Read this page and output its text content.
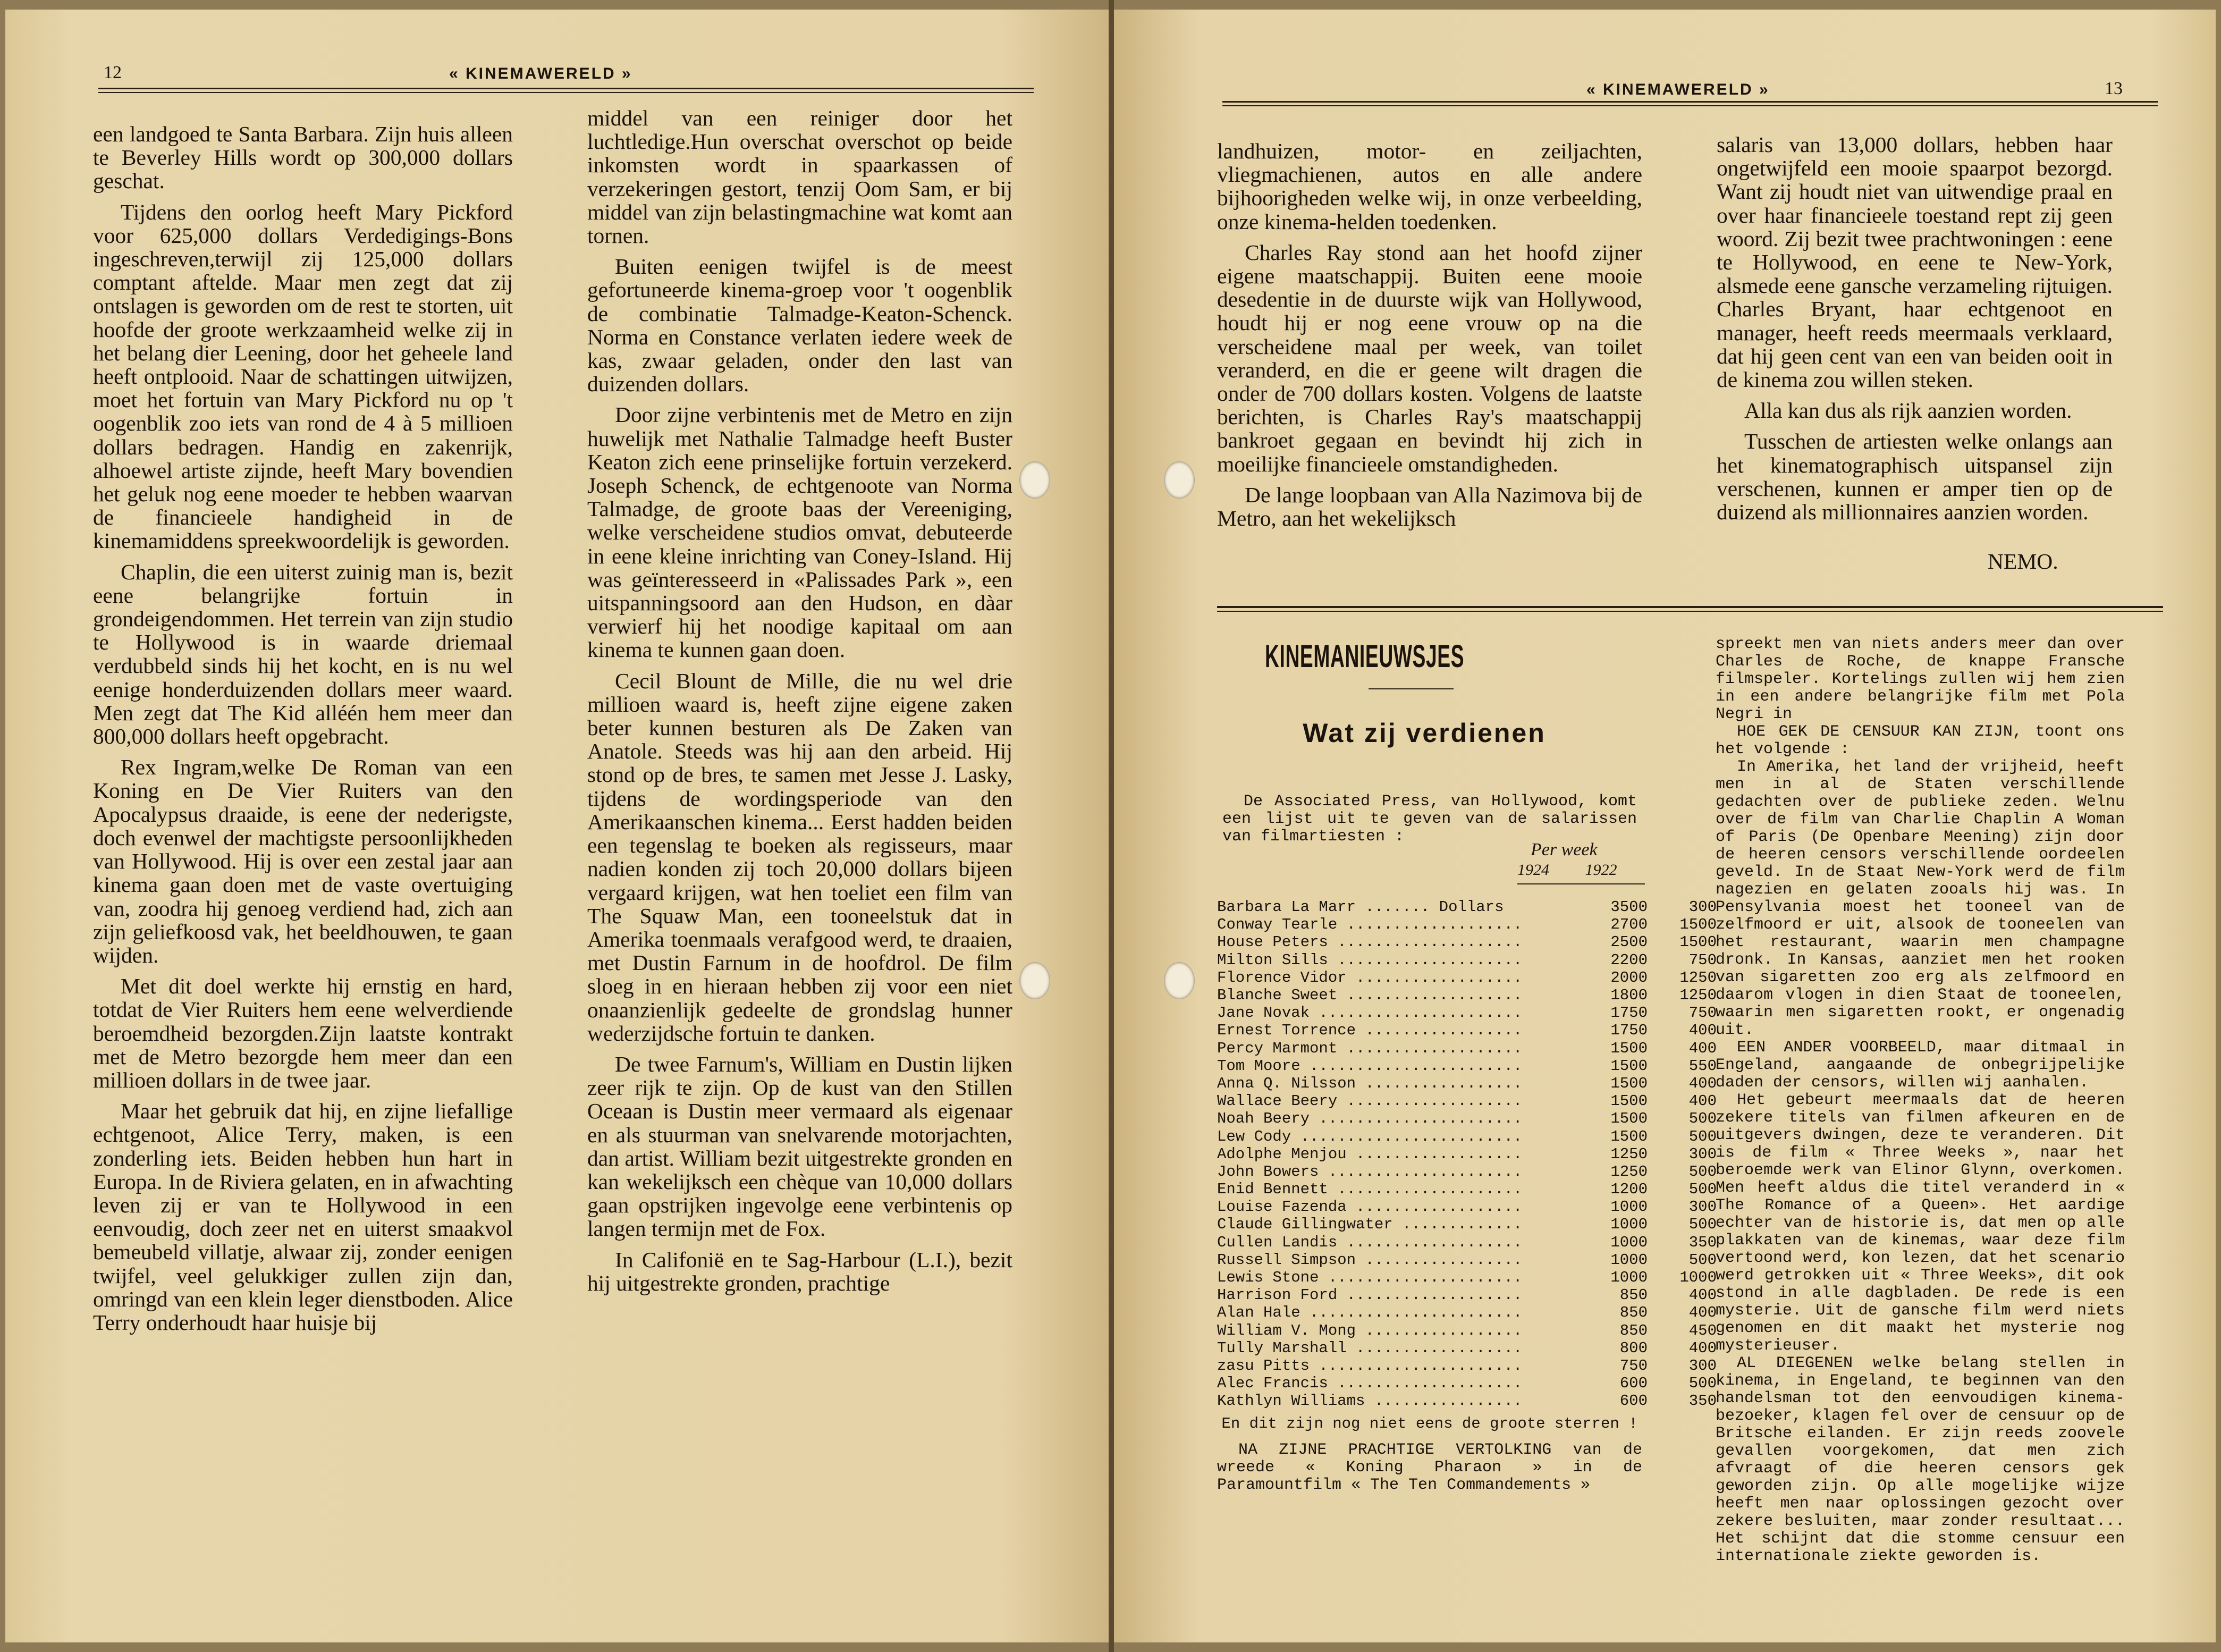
12	« KINEMAWERELD »

een landgoed te Santa Barbara. Zijn huis alleen te Beverley Hills wordt op 300,000 dollars geschat.

Tijdens den oorlog heeft Mary Pickford voor 625,000 dollars Verdedigings-Bons ingeschreven,terwijl zij 125,000 dollars comptant aftelde. Maar men zegt dat zij ontslagen is geworden om de rest te storten, uit hoofde der groote werkzaamheid welke zij in het belang dier Leening, door het geheele land heeft ontplooid. Naar de schattingen uitwijzen, moet het fortuin van Mary Pickford nu op 't oogenblik zoo iets van rond de 4 à 5 millioen dollars bedragen. Handig en zakenrijk, alhoewel artiste zijnde, heeft Mary bovendien het geluk nog eene moeder te hebben waarvan de financieele handigheid in de kinemamiddens spreekwoordelijk is geworden.

Chaplin, die een uiterst zuinig man is, bezit eene belangrijke fortuin in grondeigendommen. Het terrein van zijn studio te Hollywood is in waarde driemaal verdubbeld sinds hij het kocht, en is nu wel eenige honderduizenden dollars meer waard. Men zegt dat The Kid alléén hem meer dan 800,000 dollars heeft opgebracht.

Rex Ingram,welke De Roman van een Koning en De Vier Ruiters van den Apocalypsus draaide, is eene der nederigste, doch evenwel der machtigste persoonlijkheden van Hollywood. Hij is over een zestal jaar aan kinema gaan doen met de vaste overtuiging van, zoodra hij genoeg verdiend had, zich aan zijn geliefkoosd vak, het beeldhouwen, te gaan wijden.

Met dit doel werkte hij ernstig en hard, totdat de Vier Ruiters hem eene welverdiende beroemdheid bezorgden.Zijn laatste kontrakt met de Metro bezorgde hem meer dan een millioen dollars in de twee jaar.

Maar het gebruik dat hij, en zijne liefallige echtgenoot, Alice Terry, maken, is een zonderling iets. Beiden hebben hun hart in Europa. In de Riviera gelaten, en in afwachting leven zij er van te Hollywood in een eenvoudig, doch zeer net en uiterst smaakvol bemeubeld villatje, alwaar zij, zonder eenigen twijfel, veel gelukkiger zullen zijn dan, omringd van een klein leger dienstboden. Alice Terry onderhoudt haar huisje bij

middel van een reiniger door het luchtledige.Hun overschat overschot op beide inkomsten wordt in spaarkassen of verzekeringen gestort, tenzij Oom Sam, er bij middel van zijn belastingmachine wat komt aan tornen.

Buiten eenigen twijfel is de meest gefortuneerde kinema-groep voor 't oogenblik de combinatie Talmadge-Keaton-Schenck. Norma en Constance verlaten iedere week de kas, zwaar geladen, onder den last van duizenden dollars.

Door zijne verbintenis met de Metro en zijn huwelijk met Nathalie Talmadge heeft Buster Keaton zich eene prinselijke fortuin verzekerd. Joseph Schenck, de echtgenoote van Norma Talmadge, de groote baas der Vereeniging, welke verscheidene studios omvat, debuteerde in eene kleine inrichting van Coney-Island. Hij was geïnteresseerd in «Palissades Park », een uitspanningsoord aan den Hudson, en dàar verwierf hij het noodige kapitaal om aan kinema te kunnen gaan doen.

Cecil Blount de Mille, die nu wel drie millioen waard is, heeft zijne eigene zaken beter kunnen besturen als De Zaken van Anatole. Steeds was hij aan den arbeid. Hij stond op de bres, te samen met Jesse J. Lasky, tijdens de wordingsperiode van den Amerikaanschen kinema... Eerst hadden beiden een tegenslag te boeken als regisseurs, maar nadien konden zij toch 20,000 dollars bijeen vergaard krijgen, wat hen toeliet een film van The Squaw Man, een tooneelstuk dat in Amerika toenmaals verafgood werd, te draaien, met Dustin Farnum in de hoofdrol. De film sloeg in en hieraan hebben zij voor een niet onaanzienlijk gedeelte de grondslag hunner wederzijdsche fortuin te danken.

De twee Farnum's, William en Dustin lijken zeer rijk te zijn. Op de kust van den Stillen Oceaan is Dustin meer vermaard als eigenaar en als stuurman van snelvarende motorjachten, dan artist. William bezit uitgestrekte gronden en kan wekelijksch een chèque van 10,000 dollars gaan opstrijken ingevolge eene verbintenis op langen termijn met de Fox.

In Califonië en te Sag-Harbour (L.I.), bezit hij uitgestrekte gronden, prachtige

« KINEMAWERELD »	13

landhuizen, motor- en zeiljachten, vliegmachienen, autos en alle andere bijhoorigheden welke wij, in onze verbeelding, onze kinema-helden toedenken.

Charles Ray stond aan het hoofd zijner eigene maatschappij. Buiten eene mooie desedentie in de duurste wijk van Hollywood, houdt hij er nog eene vrouw op na die verscheidene maal per week, van toilet veranderd, en die er geene wilt dragen die onder de 700 dollars kosten. Volgens de laatste berichten, is Charles Ray's maatschappij bankroet gegaan en bevindt hij zich in moeilijke financieele omstandigheden.

De lange loopbaan van Alla Nazimova bij de Metro, aan het wekelijksch

salaris van 13,000 dollars, hebben haar ongetwijfeld een mooie spaarpot bezorgd. Want zij houdt niet van uitwendige praal en over haar financieele toestand rept zij geen woord. Zij bezit twee prachtwoningen : eene te Hollywood, en eene te New-York, alsmede eene gansche verzameling rijtuigen. Charles Bryant, haar echtgenoot en manager, heeft reeds meermaals verklaard, dat hij geen cent van een van beiden ooit in de kinema zou willen steken.

Alla kan dus als rijk aanzien worden.

Tusschen de artiesten welke onlangs aan het kinematographisch uitspansel zijn verschenen, kunnen er amper tien op de duizend als millionnaires aanzien worden.

NEMO.
KINEMANIEUWSJES
Wat zij verdienen

De Associated Press, van Hollywood, komt een lijst uit te geven van de salarissen van filmartiesten :

Per week
1924 1922
Barbara La Marr ....... Dollars	3500	300
Conway Tearle ...................	2700	1500
House Peters ....................	2500	1500
Milton Sills ....................	2200	750
Florence Vidor ..................	2000	1250
Blanche Sweet ...................	1800	1250
Jane Novak ......................	1750	750
Ernest Torrence .................	1750	400
Percy Marmont ...................	1500	400
Tom Moore .......................	1500	550
Anna Q. Nilsson .................	1500	400
Wallace Beery ...................	1500	400
Noah Beery ......................	1500	500
Lew Cody ........................	1500	500
Adolphe Menjou ..................	1250	300
John Bowers .....................	1250	500
Enid Bennett ....................	1200	500
Louise Fazenda ..................	1000	300
Claude Gillingwater .............	1000	500
Cullen Landis ...................	1000	350
Russell Simpson .................	1000	500
Lewis Stone .....................	1000	1000
Harrison Ford ...................	850	400
Alan Hale .......................	850	400
William V. Mong .................	850	450
Tully Marshall ..................	800	400
zasu Pitts ......................	750	300
Alec Francis ....................	600	500
Kathlyn Williams ................	600	350
En dit zijn nog niet eens de groote sterren !

NA ZIJNE PRACHTIGE VERTOLKING van de wreede « Koning Pharaon » in de Paramountfilm « The Ten Commandements »

spreekt men van niets anders meer dan over Charles de Roche, de knappe Fransche filmspeler. Kortelings zullen wij hem zien in een andere belangrijke film met Pola Negri in

HOE GEK DE CENSUUR KAN ZIJN, toont ons het volgende :

In Amerika, het land der vrijheid, heeft men in al de Staten verschillende gedachten over de publieke zeden. Welnu over de film van Charlie Chaplin A Woman of Paris (De Openbare Meening) zijn door de heeren censors verschillende oordeelen geveld. In de Staat New-York werd de film nagezien en gelaten zooals hij was. In Pensylvania moest het tooneel van de zelfmoord er uit, alsook de tooneelen van het restaurant, waarin men champagne dronk. In Kansas, aanziet men het rooken van sigaretten zoo erg als zelfmoord en daarom vlogen in dien Staat de tooneelen, waarin men sigaretten rookt, er ongenadig uit.

EEN ANDER VOORBEELD, maar ditmaal in Engeland, aangaande de onbegrijpelijke daden der censors, willen wij aanhalen.

Het gebeurt meermaals dat de heeren zekere titels van filmen afkeuren en de uitgevers dwingen, deze te veranderen. Dit is de film « Three Weeks », naar het beroemde werk van Elinor Glynn, overkomen. Men heeft aldus die titel veranderd in « The Romance of a Queen». Het aardige echter van de historie is, dat men op alle plakkaten van de kinemas, waar deze film vertoond werd, kon lezen, dat het scenario werd getrokken uit « Three Weeks», dit ook stond in alle dagbladen. De rede is een mysterie. Uit de gansche film werd niets genomen en dit maakt het mysterie nog mysterieuser.

AL DIEGENEN welke belang stellen in kinema, in Engeland, te beginnen van den handelsman tot den eenvoudigen kinema-bezoeker, klagen fel over de censuur op de Britsche eilanden. Er zijn reeds zoovele gevallen voorgekomen, dat men zich afvraagt of die heeren censors gek geworden zijn. Op alle mogelijke wijze heeft men naar oplossingen gezocht over zekere besluiten, maar zonder resultaat... Het schijnt dat die stomme censuur een internationale ziekte geworden is.
